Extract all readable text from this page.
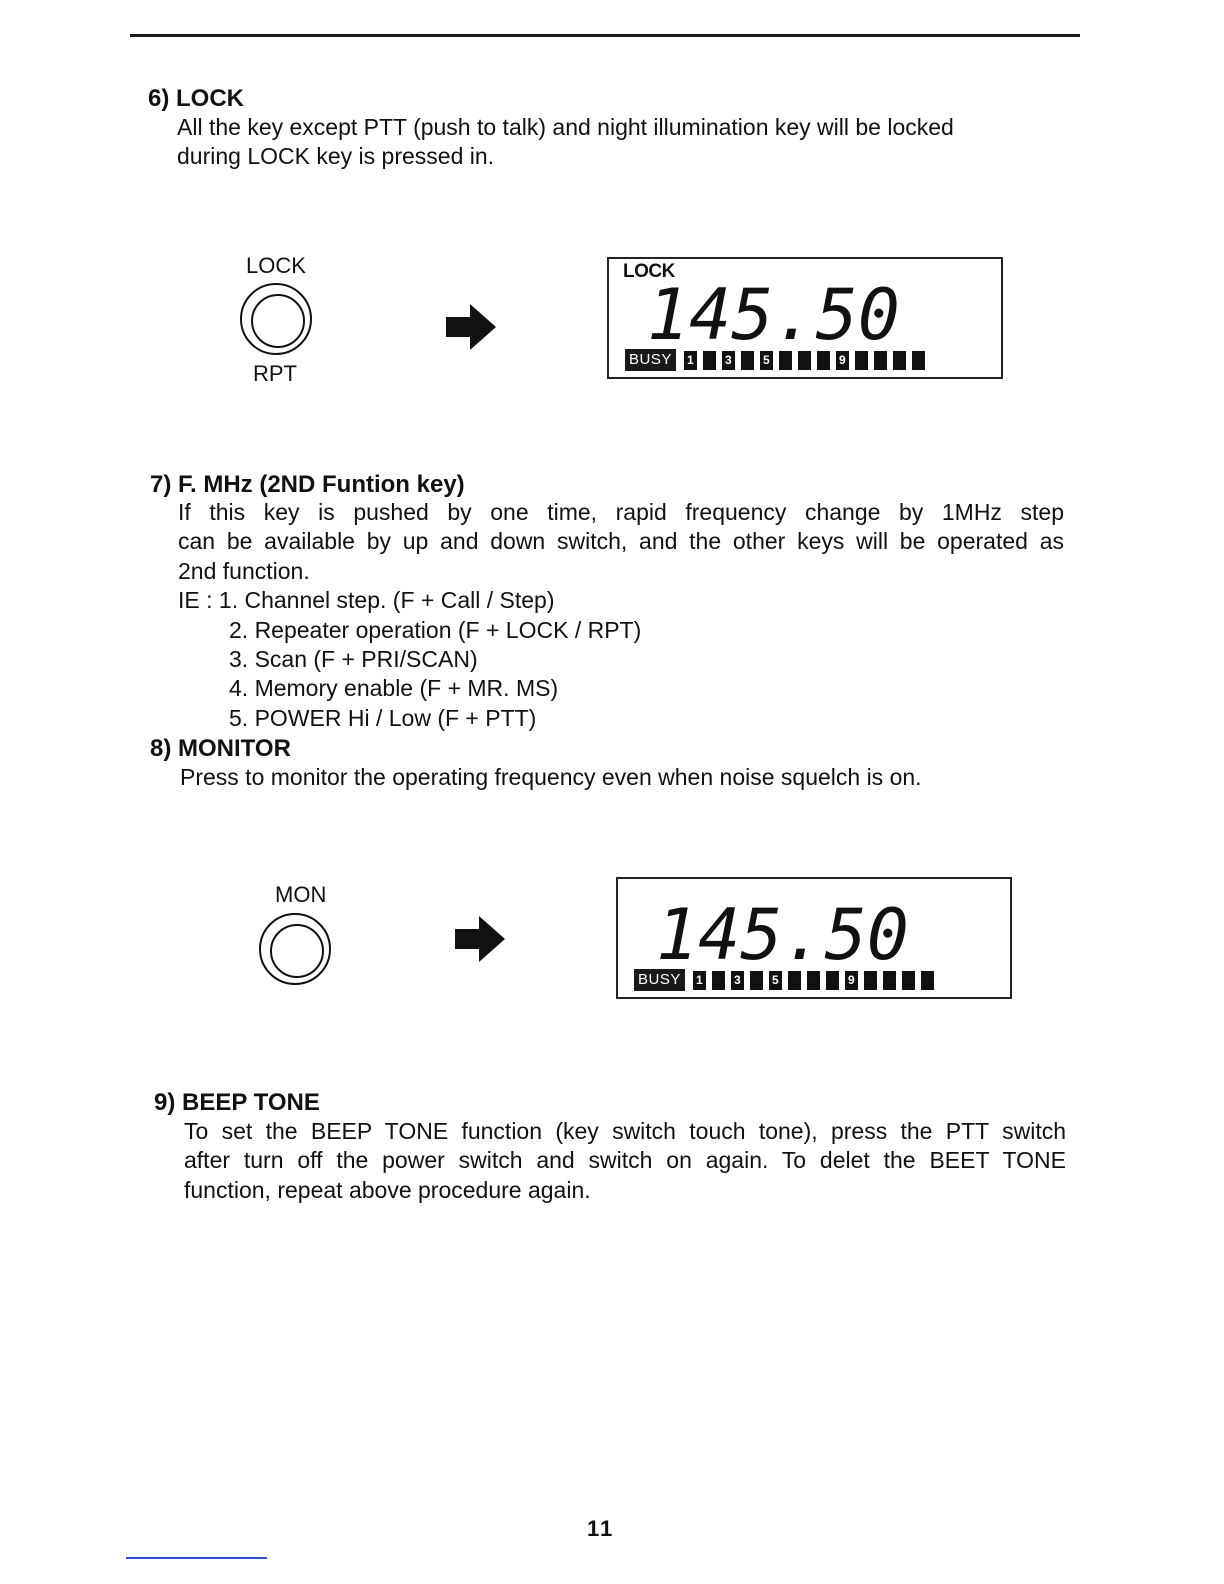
6) LOCK
All the key except PTT (push to talk) and night illumination key will be locked
during LOCK key is pressed in.
LOCK
RPT
LOCK
145.50
BUSY	1	3	5	9
7) F. MHz (2ND Funtion key)
If this key is pushed by one time, rapid frequency change by 1MHz step
can be available by up and down switch, and the other keys will be operated as
2nd function.
IE : 1. Channel step. (F + Call / Step)
2. Repeater operation (F + LOCK / RPT)
3. Scan (F + PRI/SCAN)
4. Memory enable (F + MR. MS)
5. POWER Hi / Low (F + PTT)
8) MONITOR
Press to monitor the operating frequency even when noise squelch is on.
MON	145.50
BUSY	1	3	5	9
9) BEEP TONE
To set the BEEP TONE function (key switch touch tone), press the PTT switch
after turn off the power switch and switch on again. To delet the BEET TONE
function, repeat above procedure again.
11
